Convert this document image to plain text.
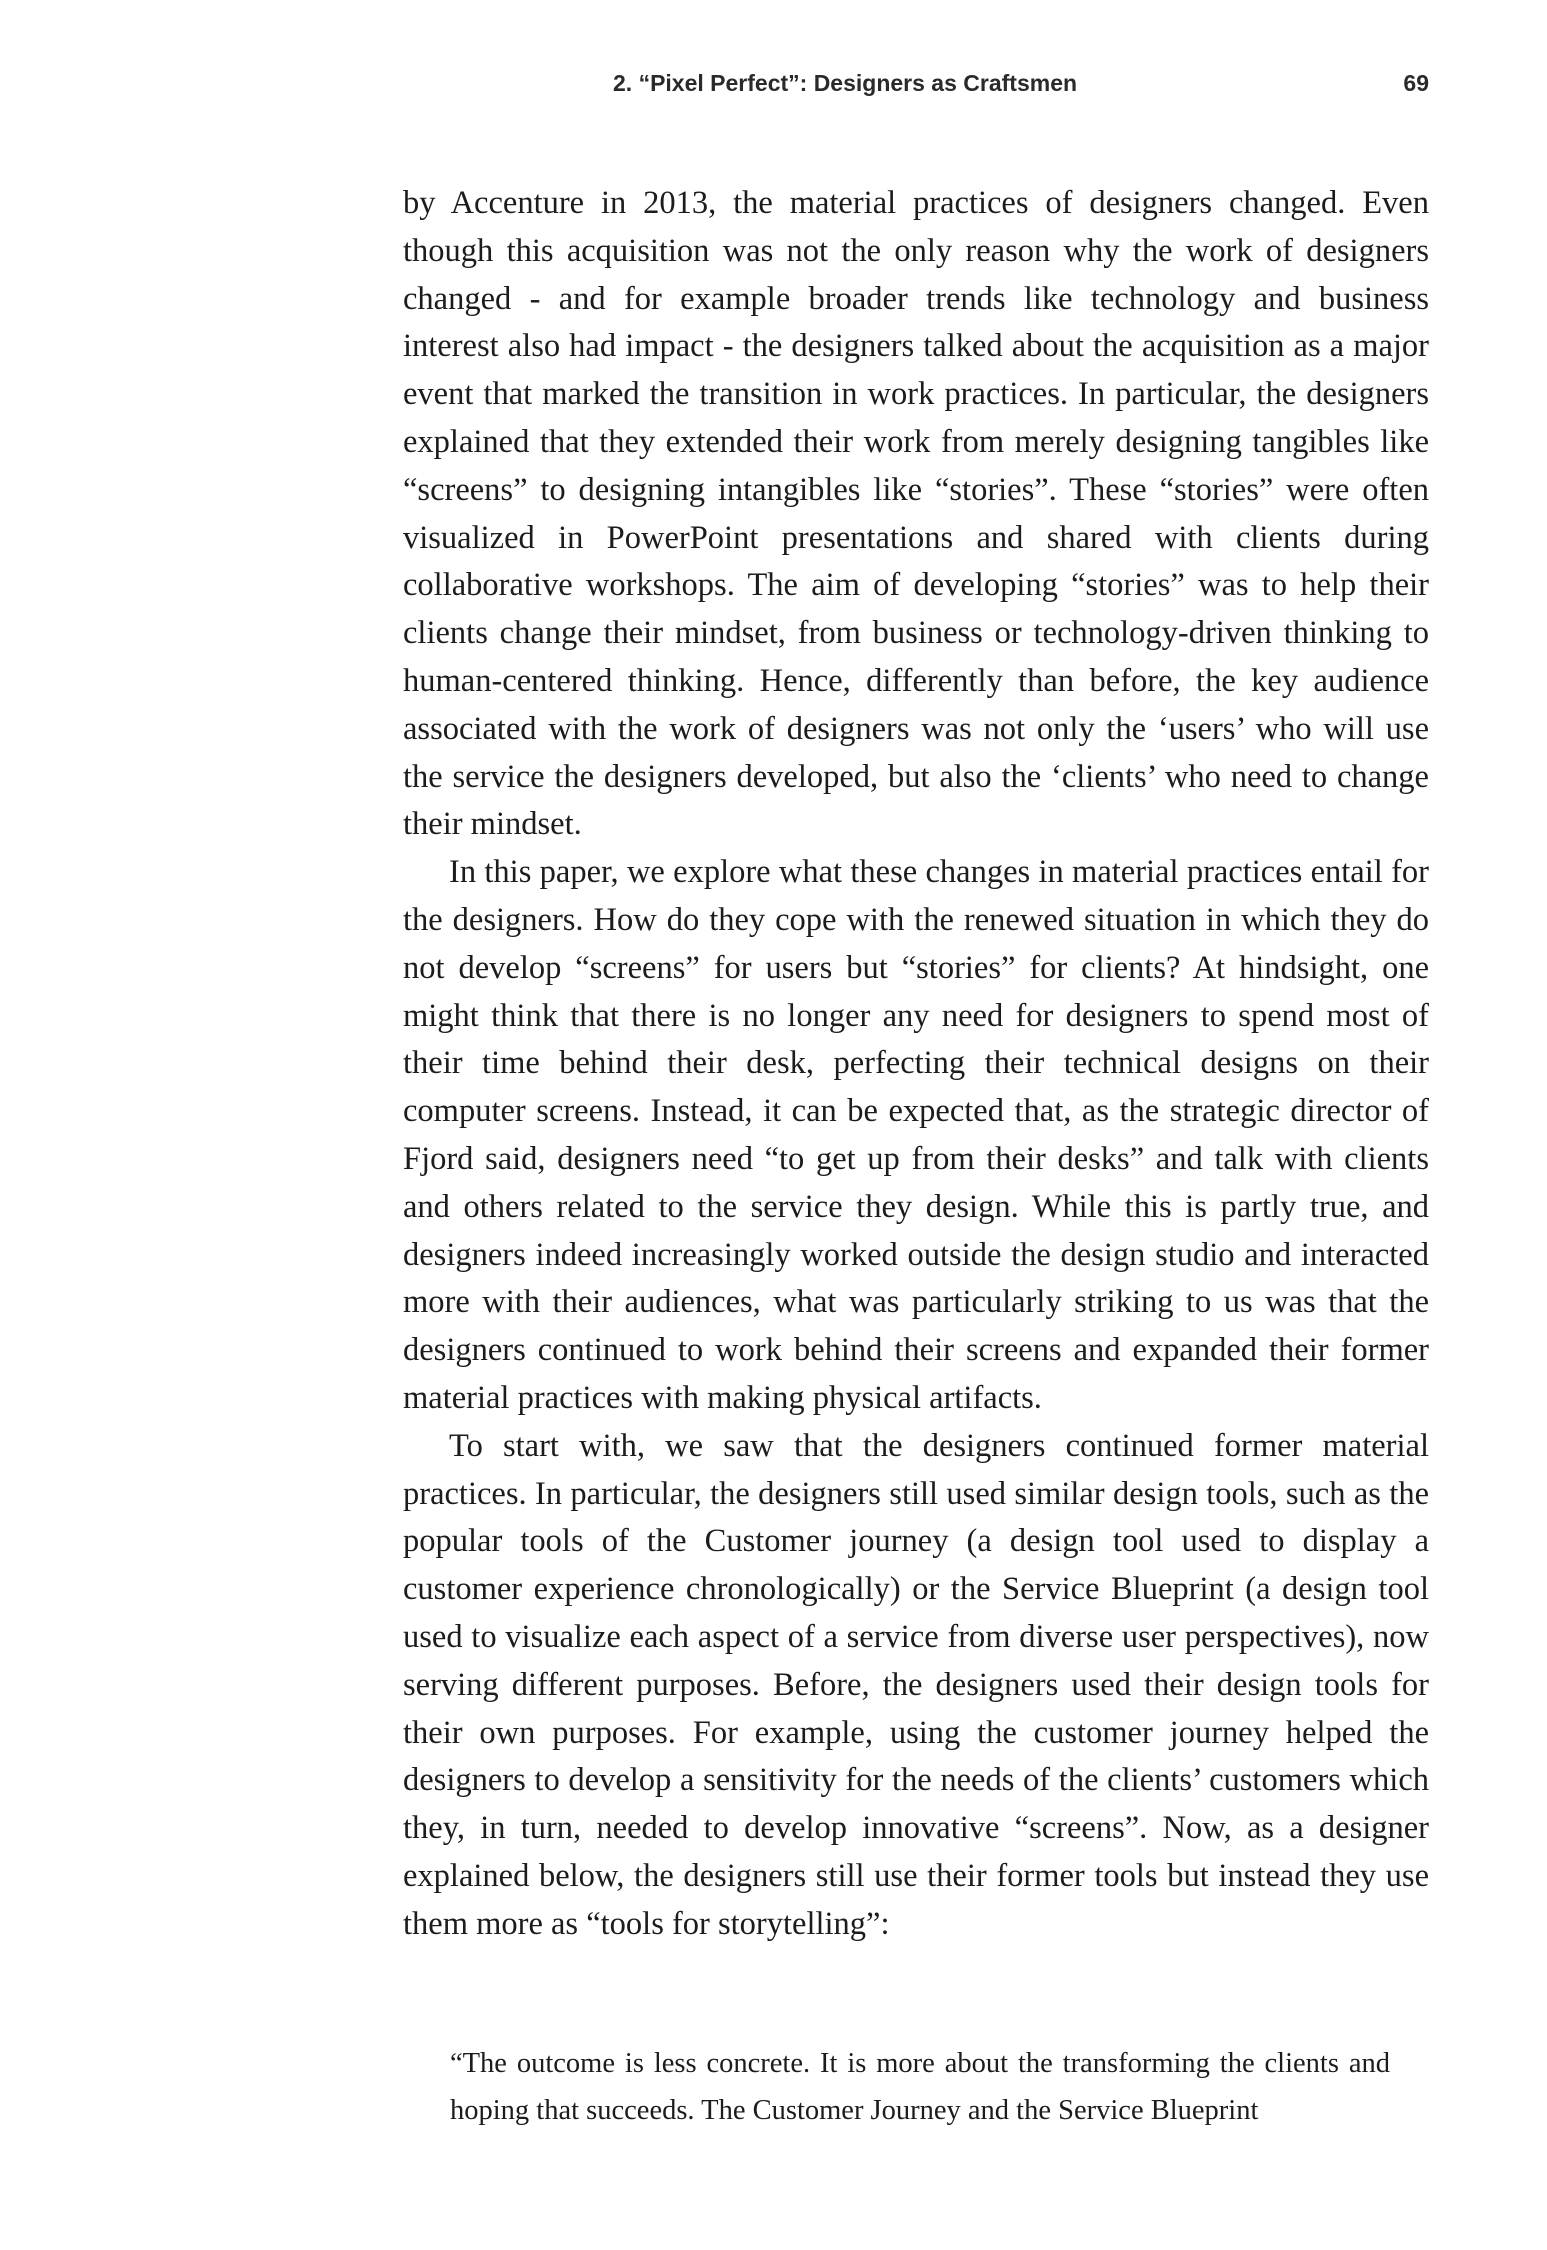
2. “Pixel Perfect”: Designers as Craftsmen	69

by Accenture in 2013, the material practices of designers changed. Even though this acquisition was not the only reason why the work of designers changed - and for example broader trends like technology and business interest also had impact - the designers talked about the acquisition as a major event that marked the transition in work practices. In particular, the designers explained that they extended their work from merely designing tangibles like “screens” to designing intangibles like “stories”. These “stories” were often visualized in PowerPoint presentations and shared with clients during collaborative workshops. The aim of developing “stories” was to help their clients change their mindset, from business or technology-driven thinking to human-centered thinking. Hence, differently than before, the key audience associated with the work of designers was not only the ‘users’ who will use the service the designers developed, but also the ‘clients’ who need to change their mindset.

In this paper, we explore what these changes in material practices entail for the designers. How do they cope with the renewed situation in which they do not develop “screens” for users but “stories” for clients? At hindsight, one might think that there is no longer any need for designers to spend most of their time behind their desk, perfecting their technical designs on their computer screens. Instead, it can be expected that, as the strategic director of Fjord said, designers need “to get up from their desks” and talk with clients and others related to the service they design. While this is partly true, and designers indeed increasingly worked outside the design studio and interacted more with their audiences, what was particularly striking to us was that the designers continued to work behind their screens and expanded their former material practices with making physical artifacts.

To start with, we saw that the designers continued former material practices. In particular, the designers still used similar design tools, such as the popular tools of the Customer journey (a design tool used to display a customer experience chronologically) or the Service Blueprint (a design tool used to visualize each aspect of a service from diverse user perspectives), now serving different purposes. Before, the designers used their design tools for their own purposes. For example, using the customer journey helped the designers to develop a sensitivity for the needs of the clients’ customers which they, in turn, needed to develop innovative “screens”. Now, as a designer explained below, the designers still use their former tools but instead they use them more as “tools for storytelling”:

“The outcome is less concrete. It is more about the transforming the clients and hoping that succeeds. The Customer Journey and the Service Blueprint
